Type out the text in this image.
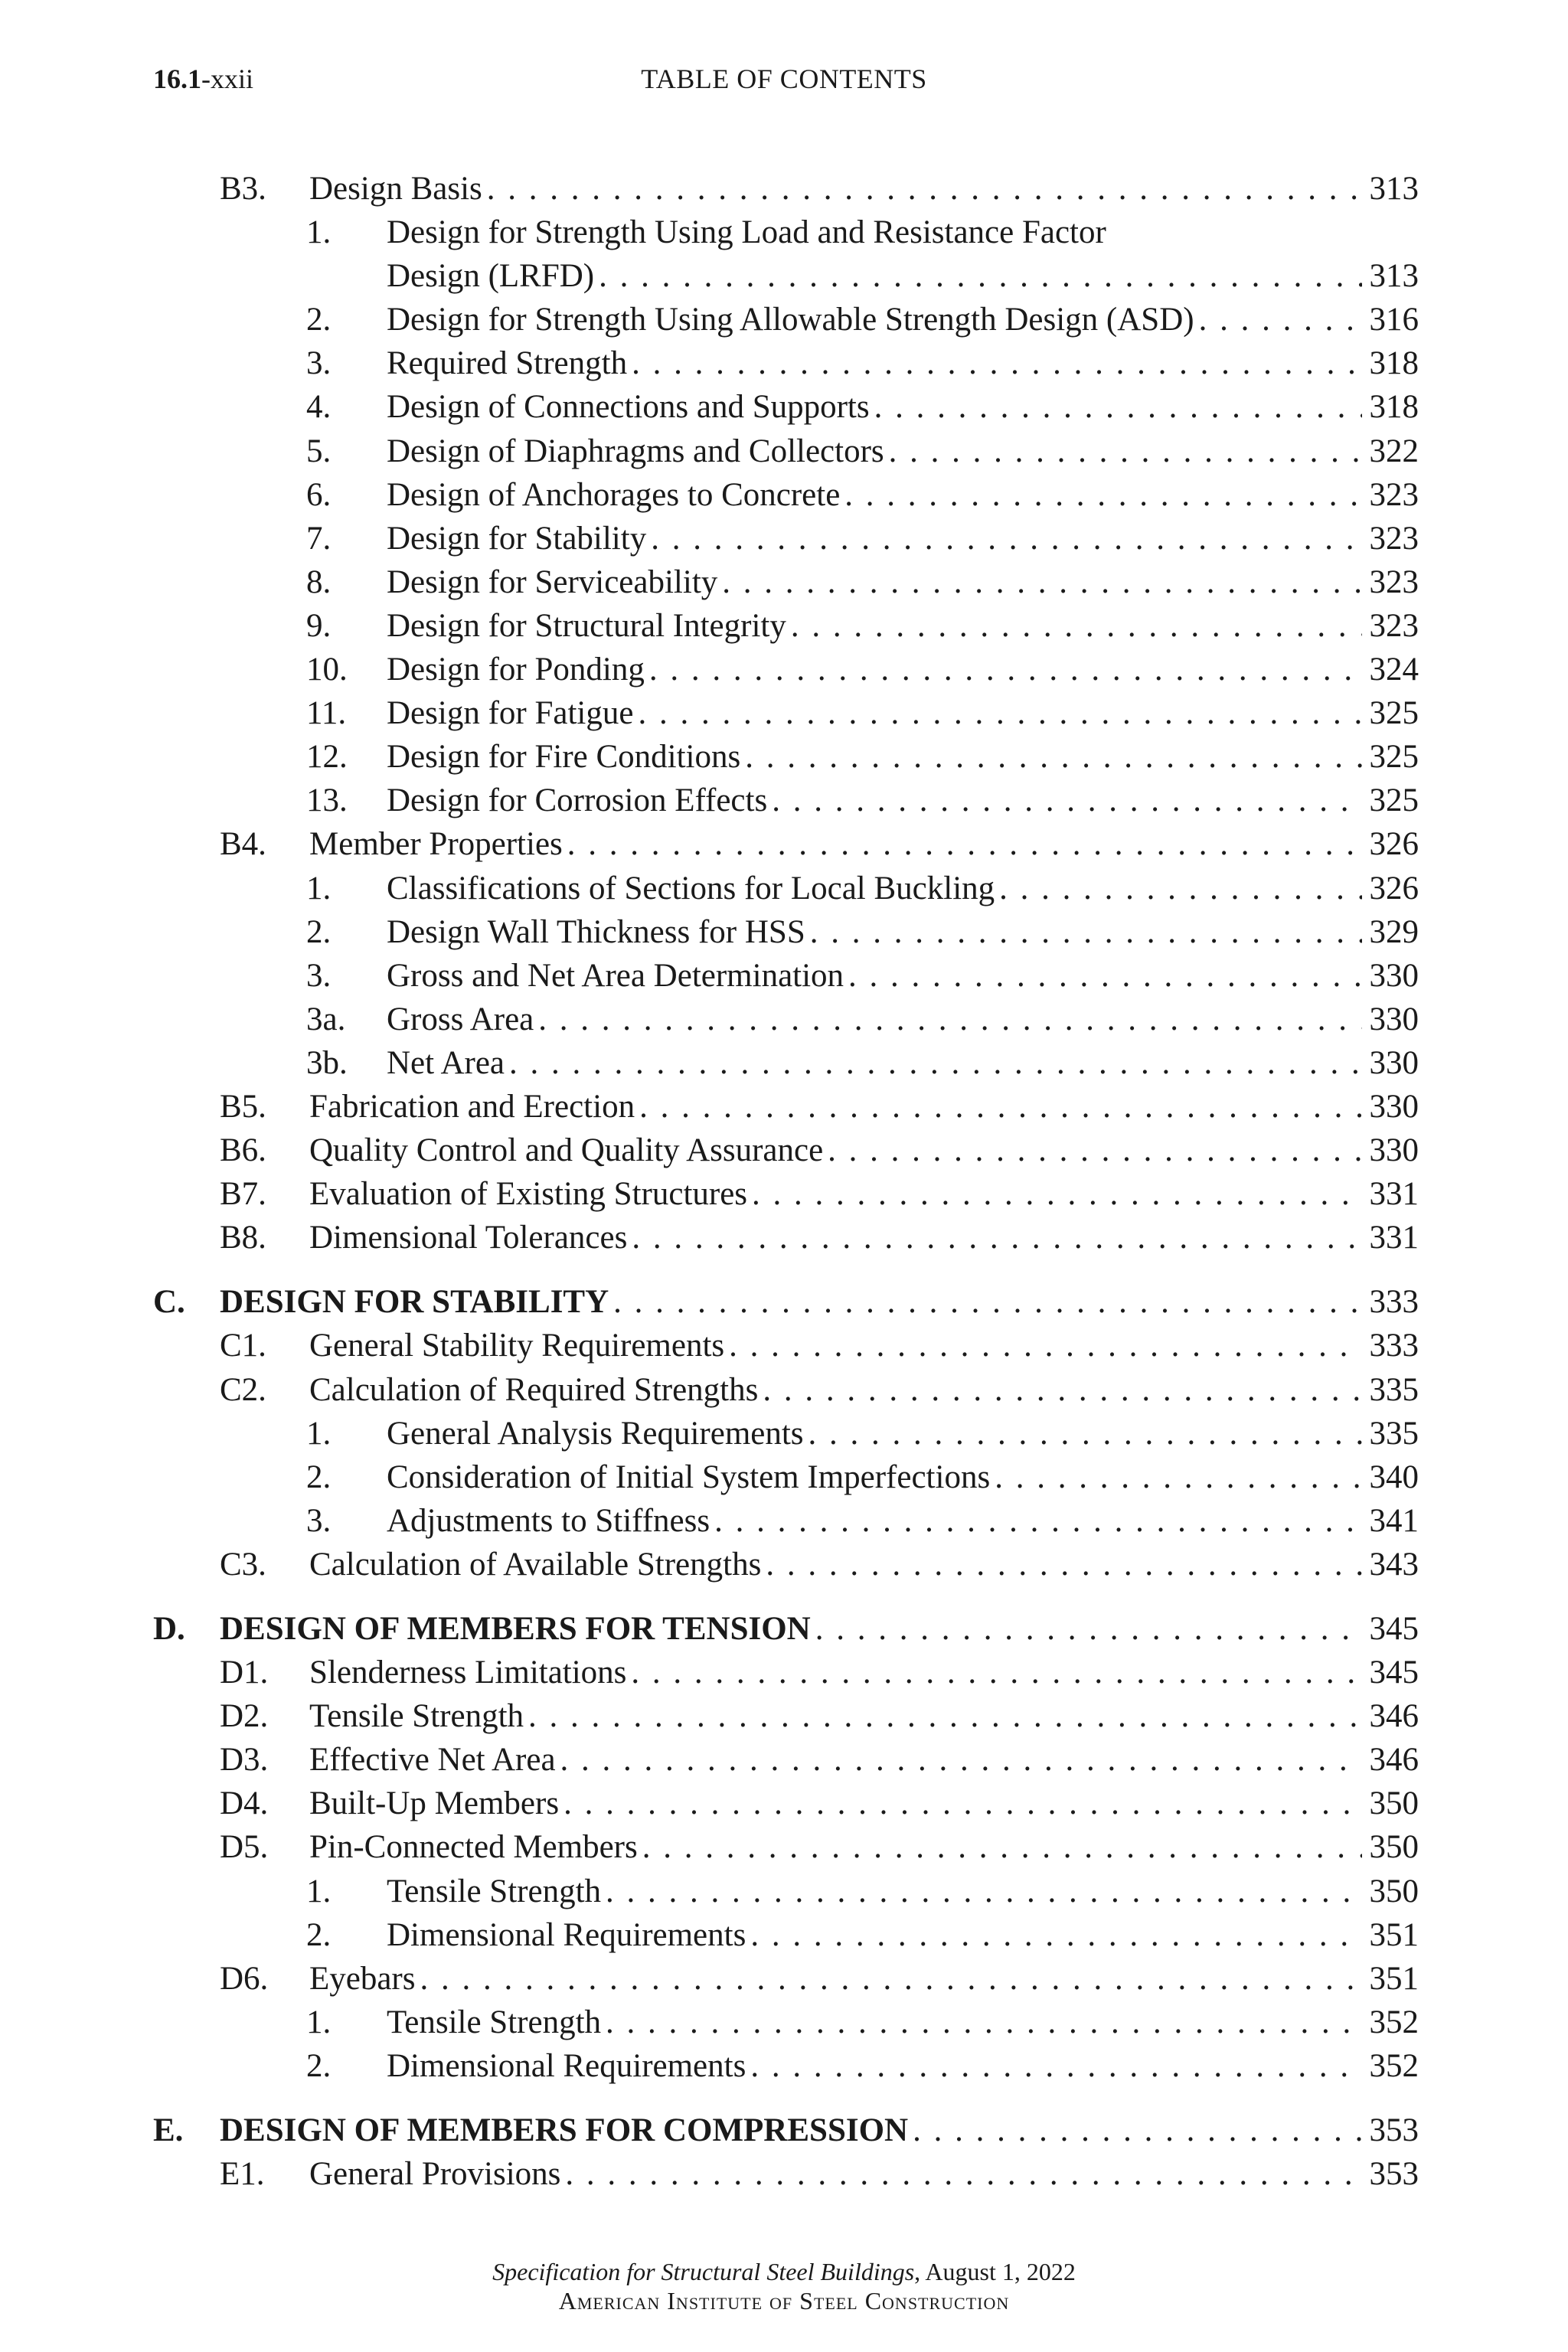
16.1-xxii	TABLE OF CONTENTS
B3. Design Basis . . .	313
1. Design for Strength Using Load and Resistance Factor
Design (LRFD) . . .	313
2. Design for Strength Using Allowable Strength Design (ASD) . . .	316
3. Required Strength . . .	318
4. Design of Connections and Supports . . .	318
5. Design of Diaphragms and Collectors . . .	322
6. Design of Anchorages to Concrete . . .	323
7. Design for Stability . . .	323
8. Design for Serviceability . . .	323
9. Design for Structural Integrity . . .	323
10. Design for Ponding . . .	324
11. Design for Fatigue . . .	325
12. Design for Fire Conditions . . .	325
13. Design for Corrosion Effects . . .	325
B4. Member Properties . . .	326
1. Classifications of Sections for Local Buckling . . .	326
2. Design Wall Thickness for HSS . . .	329
3. Gross and Net Area Determination . . .	330
3a. Gross Area . . .	330
3b. Net Area . . .	330
B5. Fabrication and Erection . . .	330
B6. Quality Control and Quality Assurance . . .	330
B7. Evaluation of Existing Structures . . .	331
B8. Dimensional Tolerances . . .	331
C. DESIGN FOR STABILITY . . .	333
C1. General Stability Requirements . . .	333
C2. Calculation of Required Strengths . . .	335
1. General Analysis Requirements . . .	335
2. Consideration of Initial System Imperfections . . .	340
3. Adjustments to Stiffness . . .	341
C3. Calculation of Available Strengths . . .	343
D. DESIGN OF MEMBERS FOR TENSION . . .	345
D1. Slenderness Limitations . . .	345
D2. Tensile Strength . . .	346
D3. Effective Net Area . . .	346
D4. Built-Up Members . . .	350
D5. Pin-Connected Members . . .	350
1. Tensile Strength . . .	350
2. Dimensional Requirements . . .	351
D6. Eyebars . . .	351
1. Tensile Strength . . .	352
2. Dimensional Requirements . . .	352
E. DESIGN OF MEMBERS FOR COMPRESSION . . .	353
E1. General Provisions . . .	353
Specification for Structural Steel Buildings, August 1, 2022
American Institute of Steel Construction
